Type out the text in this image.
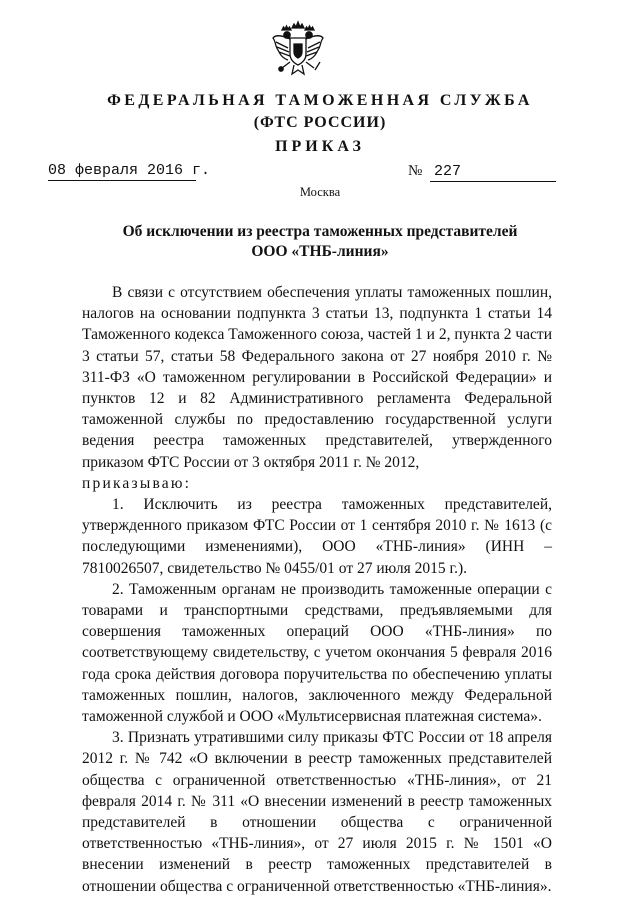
ФЕДЕРАЛЬНАЯ ТАМОЖЕННАЯ СЛУЖБА
(ФТС РОССИИ)
ПРИКАЗ
08 февраля 2016 г.	№ 227
Москва
Об исключении из реестра таможенных представителей
ООО «ТНБ-линия»

В связи с отсутствием обеспечения уплаты таможенных пошлин, налогов на основании подпункта 3 статьи 13, подпункта 1 статьи 14 Таможенного кодекса Таможенного союза, частей 1 и 2, пункта 2 части 3 статьи 57, статьи 58 Федерального закона от 27 ноября 2010 г. № 311-ФЗ «О таможенном регулировании в Российской Федерации» и пунктов 12 и 82 Административного регламента Федеральной таможенной службы по предоставлению государственной услуги ведения реестра таможенных представителей, утвержденного приказом ФТС России от 3 октября 2011 г. № 2012,

приказываю:

1. Исключить из реестра таможенных представителей, утвержденного приказом ФТС России от 1 сентября 2010 г. № 1613 (с последующими изменениями), ООО «ТНБ-линия» (ИНН – 7810026507, свидетельство № 0455/01 от 27 июля 2015 г.).

2. Таможенным органам не производить таможенные операции с товарами и транспортными средствами, предъявляемыми для совершения таможенных операций ООО «ТНБ-линия» по соответствующему свидетельству, с учетом окончания 5 февраля 2016 года срока действия договора поручительства по обеспечению уплаты таможенных пошлин, налогов, заключенного между Федеральной таможенной службой и ООО «Мультисервисная платежная система».

3. Признать утратившими силу приказы ФТС России от 18 апреля 2012 г. № 742 «О включении в реестр таможенных представителей общества с ограниченной ответственностью «ТНБ-линия», от 21 февраля 2014 г. № 311 «О внесении изменений в реестр таможенных представителей в отношении общества с ограниченной ответственностью «ТНБ-линия», от 27 июля 2015 г. № 1501 «О внесении изменений в реестр таможенных представителей в отношении общества с ограниченной ответственностью «ТНБ-линия».
